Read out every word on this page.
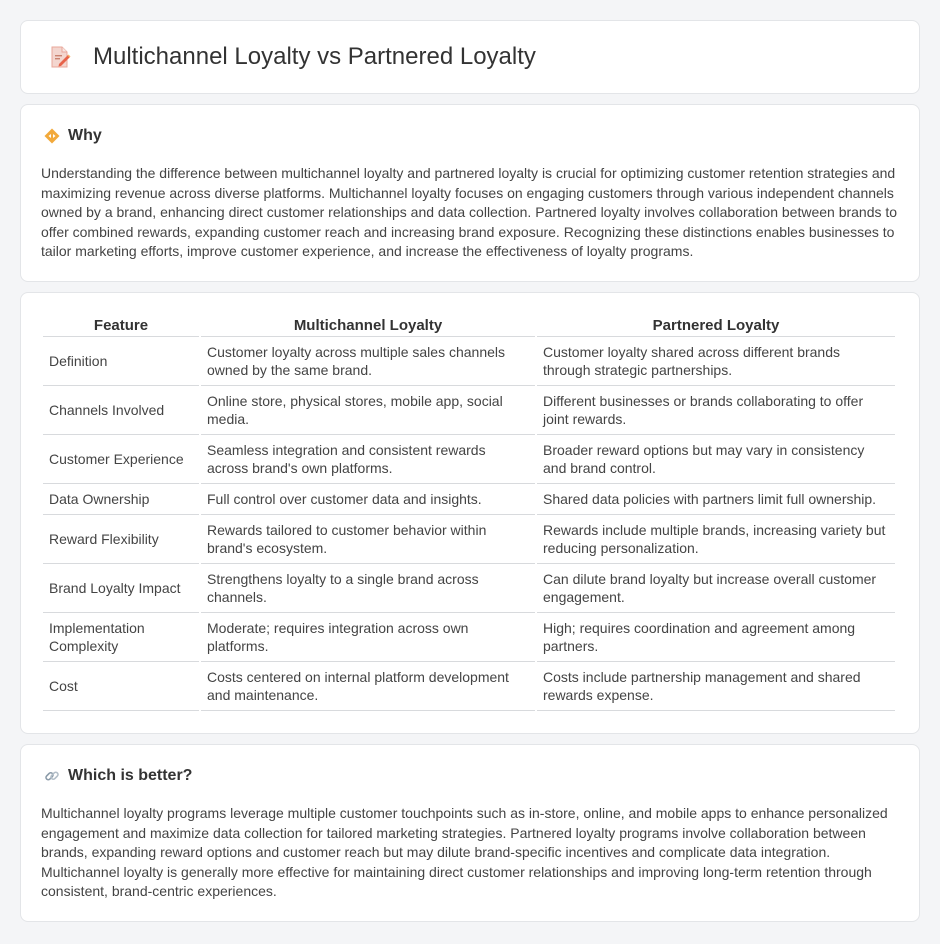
Multichannel Loyalty vs Partnered Loyalty
Why

Understanding the difference between multichannel loyalty and partnered loyalty is crucial for optimizing customer retention strategies and maximizing revenue across diverse platforms. Multichannel loyalty focuses on engaging customers through various independent channels owned by a brand, enhancing direct customer relationships and data collection. Partnered loyalty involves collaboration between brands to offer combined rewards, expanding customer reach and increasing brand exposure. Recognizing these distinctions enables businesses to tailor marketing efforts, improve customer experience, and increase the effectiveness of loyalty programs.

Feature	Multichannel Loyalty	Partnered Loyalty
Definition	Customer loyalty across multiple sales channels owned by the same brand.	Customer loyalty shared across different brands through strategic partnerships.
Channels Involved	Online store, physical stores, mobile app, social media.	Different businesses or brands collaborating to offer joint rewards.
Customer Experience	Seamless integration and consistent rewards across brand's own platforms.	Broader reward options but may vary in consistency and brand control.
Data Ownership	Full control over customer data and insights.	Shared data policies with partners limit full ownership.
Reward Flexibility	Rewards tailored to customer behavior within brand's ecosystem.	Rewards include multiple brands, increasing variety but reducing personalization.
Brand Loyalty Impact	Strengthens loyalty to a single brand across channels.	Can dilute brand loyalty but increase overall customer engagement.
Implementation Complexity	Moderate; requires integration across own platforms.	High; requires coordination and agreement among partners.
Cost	Costs centered on internal platform development and maintenance.	Costs include partnership management and shared rewards expense.
Which is better?

Multichannel loyalty programs leverage multiple customer touchpoints such as in-store, online, and mobile apps to enhance personalized engagement and maximize data collection for tailored marketing strategies. Partnered loyalty programs involve collaboration between brands, expanding reward options and customer reach but may dilute brand-specific incentives and complicate data integration. Multichannel loyalty is generally more effective for maintaining direct customer relationships and improving long-term retention through consistent, brand-centric experiences.
